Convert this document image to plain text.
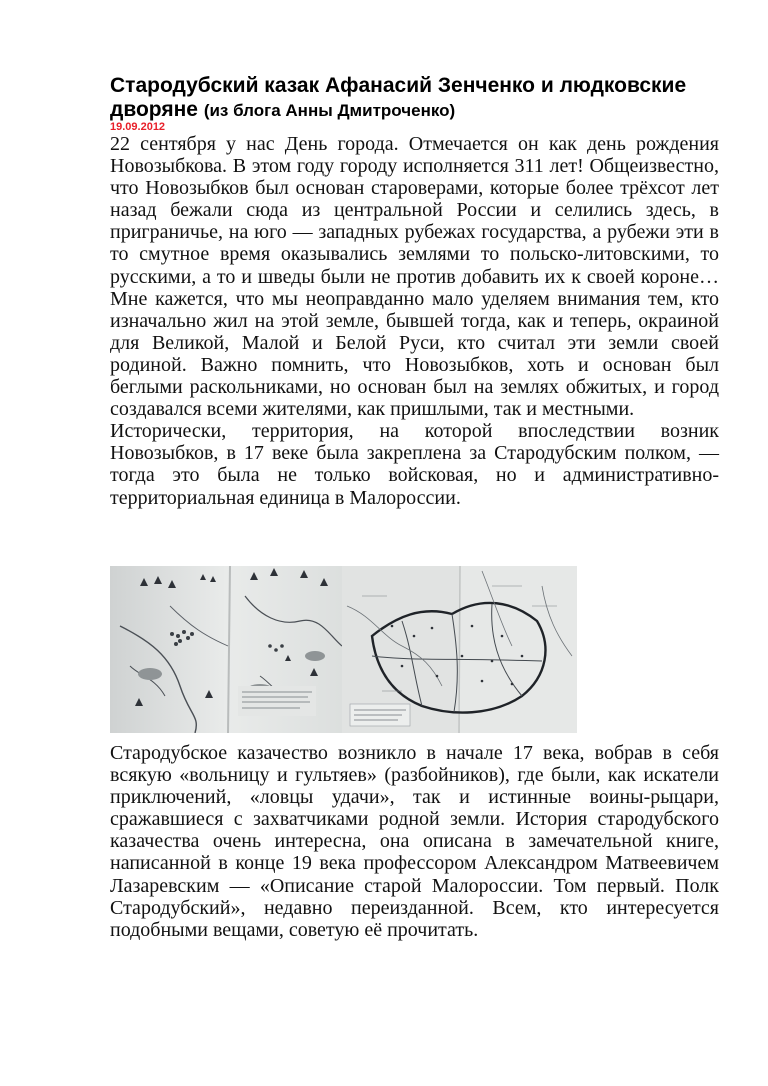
Стародубский казак Афанасий Зенченко и людковские дворяне (из блога Анны Дмитроченко)
19.09.2012

22 сентября у нас День города. Отмечается он как день рождения Новозыбкова. В этом году городу исполняется 311 лет! Общеизвестно, что Новозыбков был основан староверами, которые более трёхсот лет назад бежали сюда из центральной России и селились здесь, в приграничье, на юго — западных рубежах государства, а рубежи эти в то смутное время оказывались землями то польско-литовскими, то русскими, а то и шведы были не против добавить их к своей короне… Мне кажется, что мы неоправданно мало уделяем внимания тем, кто изначально жил на этой земле, бывшей тогда, как и теперь, окраиной для Великой, Малой и Белой Руси, кто считал эти земли своей родиной. Важно помнить, что Новозыбков, хоть и основан был беглыми раскольниками, но основан был на землях обжитых, и город создавался всеми жителями, как пришлыми, так и местными.

Исторически, территория, на которой впоследствии возник Новозыбков, в 17 веке была закреплена за Стародубским полком, — тогда это была не только войсковая, но и административно-территориальная единица в Малороссии.

Стародубское казачество возникло в начале 17 века, вобрав в себя всякую «вольницу и гультяев» (разбойников), где были, как искатели приключений, «ловцы удачи», так и истинные воины-рыцари, сражавшиеся с захватчиками родной земли. История стародубского казачества очень интересна, она описана в замечательной книге, написанной в конце 19 века профессором Александром Матвеевичем Лазаревским — «Описание старой Малороссии. Том первый. Полк Стародубский», недавно переизданной. Всем, кто интересуется подобными вещами, советую её прочитать.
